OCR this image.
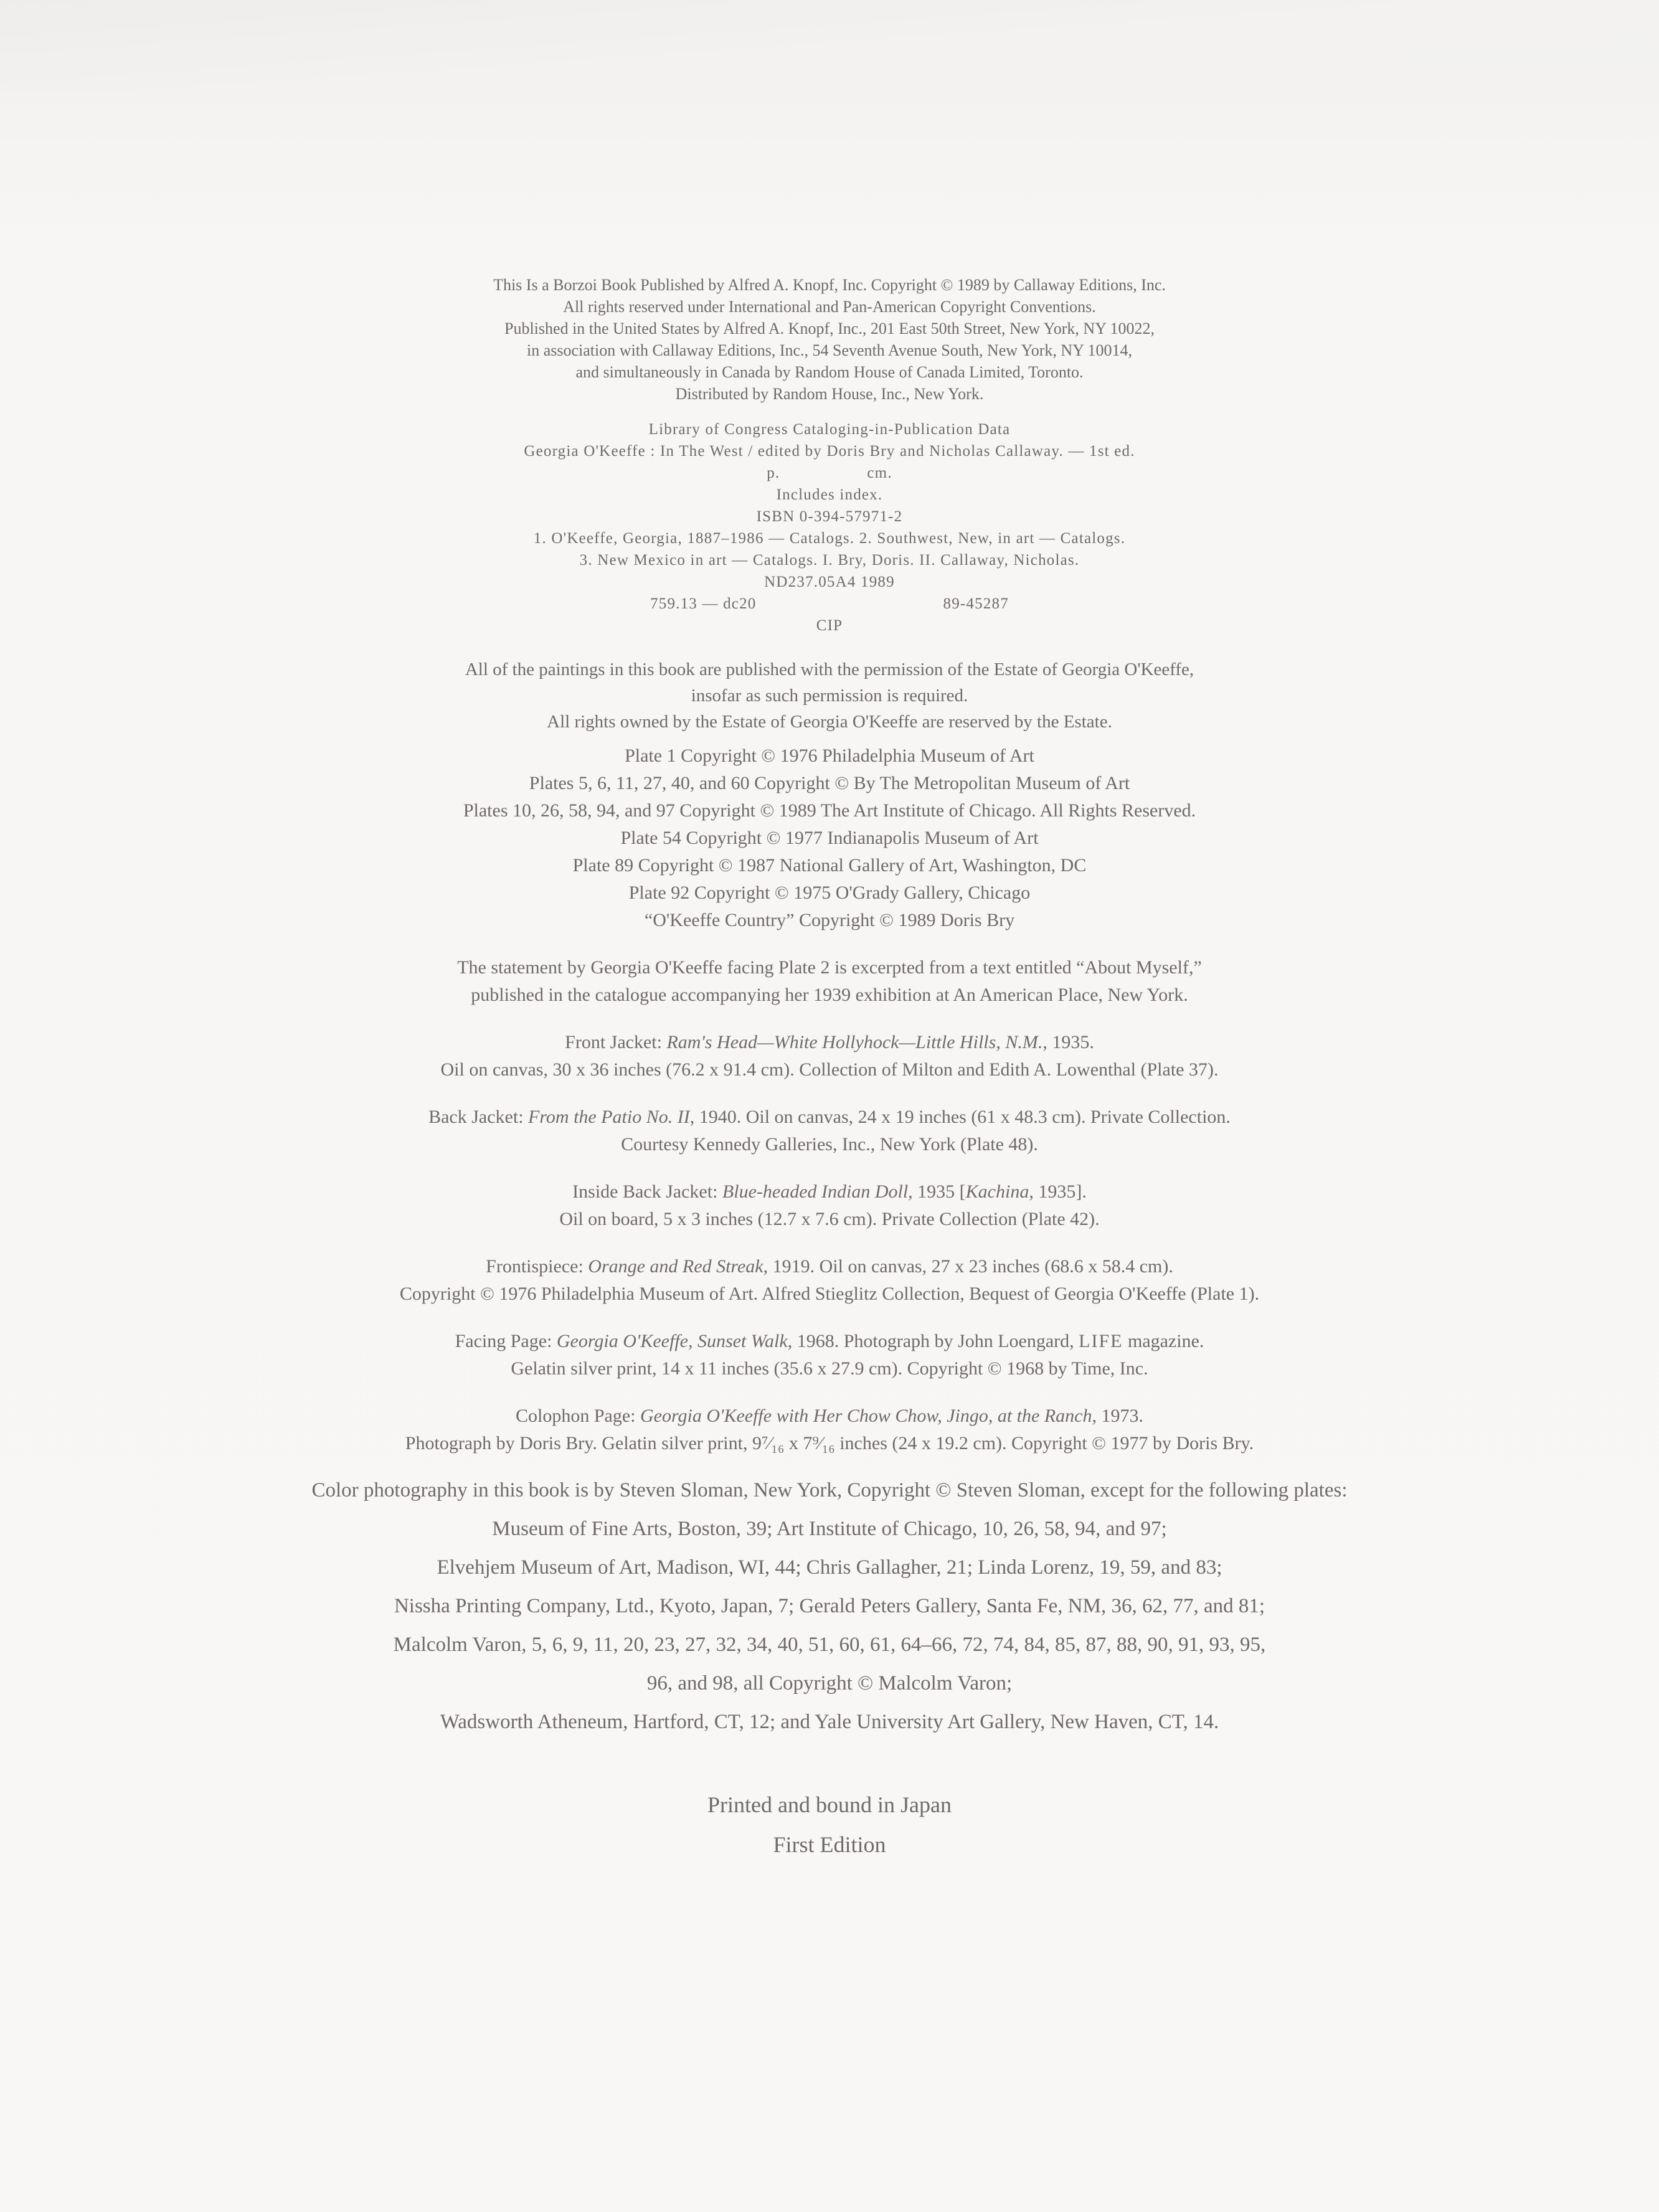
This Is a Borzoi Book Published by Alfred A. Knopf, Inc. Copyright © 1989 by Callaway Editions, Inc.
All rights reserved under International and Pan-American Copyright Conventions.
Published in the United States by Alfred A. Knopf, Inc., 201 East 50th Street, New York, NY 10022,
in association with Callaway Editions, Inc., 54 Seventh Avenue South, New York, NY 10014,
and simultaneously in Canada by Random House of Canada Limited, Toronto.
Distributed by Random House, Inc., New York.
Library of Congress Cataloging-in-Publication Data
Georgia O'Keeffe : In The West / edited by Doris Bry and Nicholas Callaway. — 1st ed.
p.	cm.
Includes index.
ISBN 0-394-57971-2
1. O'Keeffe, Georgia, 1887–1986 — Catalogs. 2. Southwest, New, in art — Catalogs.
3. New Mexico in art — Catalogs. I. Bry, Doris. II. Callaway, Nicholas.
ND237.05A4 1989
759.13 — dc20	89-45287
CIP
All of the paintings in this book are published with the permission of the Estate of Georgia O'Keeffe,
insofar as such permission is required.
All rights owned by the Estate of Georgia O'Keeffe are reserved by the Estate.
Plate 1 Copyright © 1976 Philadelphia Museum of Art
Plates 5, 6, 11, 27, 40, and 60 Copyright © By The Metropolitan Museum of Art
Plates 10, 26, 58, 94, and 97 Copyright © 1989 The Art Institute of Chicago. All Rights Reserved.
Plate 54 Copyright © 1977 Indianapolis Museum of Art
Plate 89 Copyright © 1987 National Gallery of Art, Washington, DC
Plate 92 Copyright © 1975 O'Grady Gallery, Chicago
“O'Keeffe Country” Copyright © 1989 Doris Bry
The statement by Georgia O'Keeffe facing Plate 2 is excerpted from a text entitled “About Myself,”
published in the catalogue accompanying her 1939 exhibition at An American Place, New York.
Front Jacket: Ram's Head—White Hollyhock—Little Hills, N.M., 1935.
Oil on canvas, 30 x 36 inches (76.2 x 91.4 cm). Collection of Milton and Edith A. Lowenthal (Plate 37).
Back Jacket: From the Patio No. II, 1940. Oil on canvas, 24 x 19 inches (61 x 48.3 cm). Private Collection.
Courtesy Kennedy Galleries, Inc., New York (Plate 48).
Inside Back Jacket: Blue-headed Indian Doll, 1935 [Kachina, 1935].
Oil on board, 5 x 3 inches (12.7 x 7.6 cm). Private Collection (Plate 42).
Frontispiece: Orange and Red Streak, 1919. Oil on canvas, 27 x 23 inches (68.6 x 58.4 cm).
Copyright © 1976 Philadelphia Museum of Art. Alfred Stieglitz Collection, Bequest of Georgia O'Keeffe (Plate 1).
Facing Page: Georgia O'Keeffe, Sunset Walk, 1968. Photograph by John Loengard, LIFE magazine.
Gelatin silver print, 14 x 11 inches (35.6 x 27.9 cm). Copyright © 1968 by Time, Inc.
Colophon Page: Georgia O'Keeffe with Her Chow Chow, Jingo, at the Ranch, 1973.
Photograph by Doris Bry. Gelatin silver print, 9⁷⁄₁₆ x 7⁹⁄₁₆ inches (24 x 19.2 cm). Copyright © 1977 by Doris Bry.
Color photography in this book is by Steven Sloman, New York, Copyright © Steven Sloman, except for the following plates:
Museum of Fine Arts, Boston, 39; Art Institute of Chicago, 10, 26, 58, 94, and 97;
Elvehjem Museum of Art, Madison, WI, 44; Chris Gallagher, 21; Linda Lorenz, 19, 59, and 83;
Nissha Printing Company, Ltd., Kyoto, Japan, 7; Gerald Peters Gallery, Santa Fe, NM, 36, 62, 77, and 81;
Malcolm Varon, 5, 6, 9, 11, 20, 23, 27, 32, 34, 40, 51, 60, 61, 64–66, 72, 74, 84, 85, 87, 88, 90, 91, 93, 95,
96, and 98, all Copyright © Malcolm Varon;
Wadsworth Atheneum, Hartford, CT, 12; and Yale University Art Gallery, New Haven, CT, 14.
Printed and bound in Japan
First Edition
